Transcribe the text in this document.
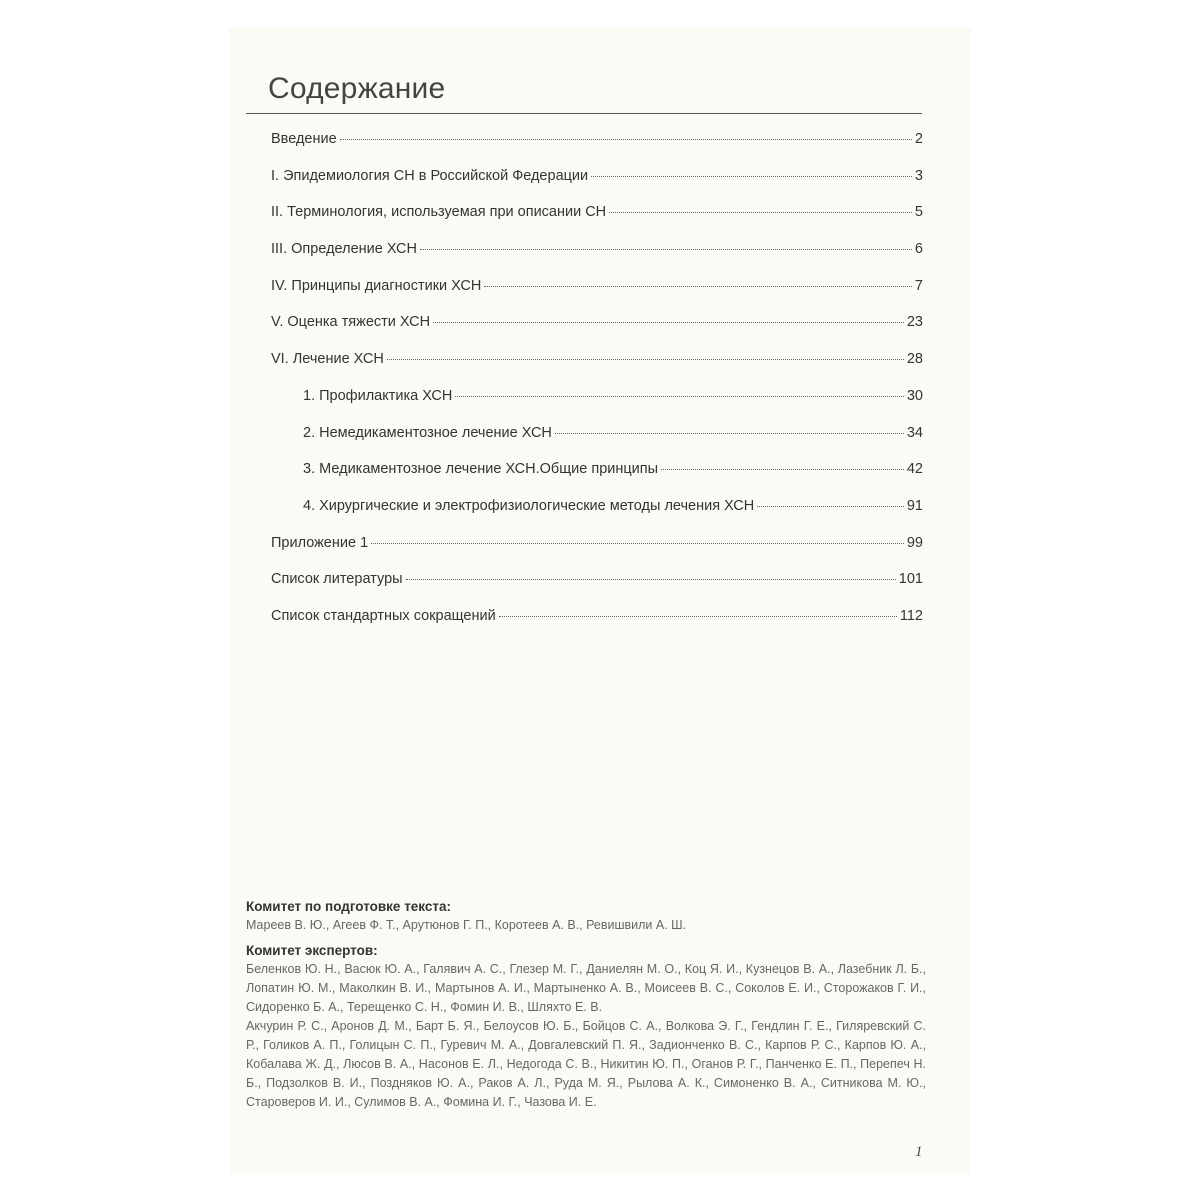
Содержание
Введение	2
I. Эпидемиология СН в Российской Федерации	3
II. Терминология, используемая при описании СН	5
III. Определение ХСН	6
IV. Принципы диагностики ХСН	7
V. Оценка тяжести ХСН	23
VI. Лечение ХСН	28
1. Профилактика ХСН	30
2. Немедикаментозное лечение ХСН	34
3. Медикаментозное лечение ХСН.Общие принципы	42
4. Хирургические и электрофизиологические методы лечения ХСН	91
Приложение 1	99
Список литературы	101
Список стандартных сокращений	112
Комитет по подготовке текста:
Мареев В. Ю., Агеев Ф. Т., Арутюнов Г. П., Коротеев А. В., Ревишвили А. Ш.
Комитет экспертов:
Беленков Ю. Н., Васюк Ю. А., Галявич А. С., Глезер М. Г., Даниелян М. О., Коц Я. И., Кузнецов В. А., Лазебник Л. Б., Лопатин Ю. М., Маколкин В. И., Мартынов А. И., Мартыненко А. В., Моисеев В. С., Соколов Е. И., Сторожаков Г. И., Сидоренко Б. А., Терещенко С. Н., Фомин И. В., Шляхто Е. В.
Акчурин Р. С., Аронов Д. М., Барт Б. Я., Белоусов Ю. Б., Бойцов С. А., Волкова Э. Г., Гендлин Г. Е., Гиляревский С. Р., Голиков А. П., Голицын С. П., Гуревич М. А., Довгалевский П. Я., Задионченко В. С., Карпов Р. С., Карпов Ю. А., Кобалава Ж. Д., Люсов В. А., Насонов Е. Л., Недогода С. В., Никитин Ю. П., Оганов Р. Г., Панченко Е. П., Перепеч Н. Б., Подзолков В. И., Поздняков Ю. А., Раков А. Л., Руда М. Я., Рылова А. К., Симоненко В. А., Ситникова М. Ю., Староверов И. И., Сулимов В. А., Фомина И. Г., Чазова И. Е.
1
